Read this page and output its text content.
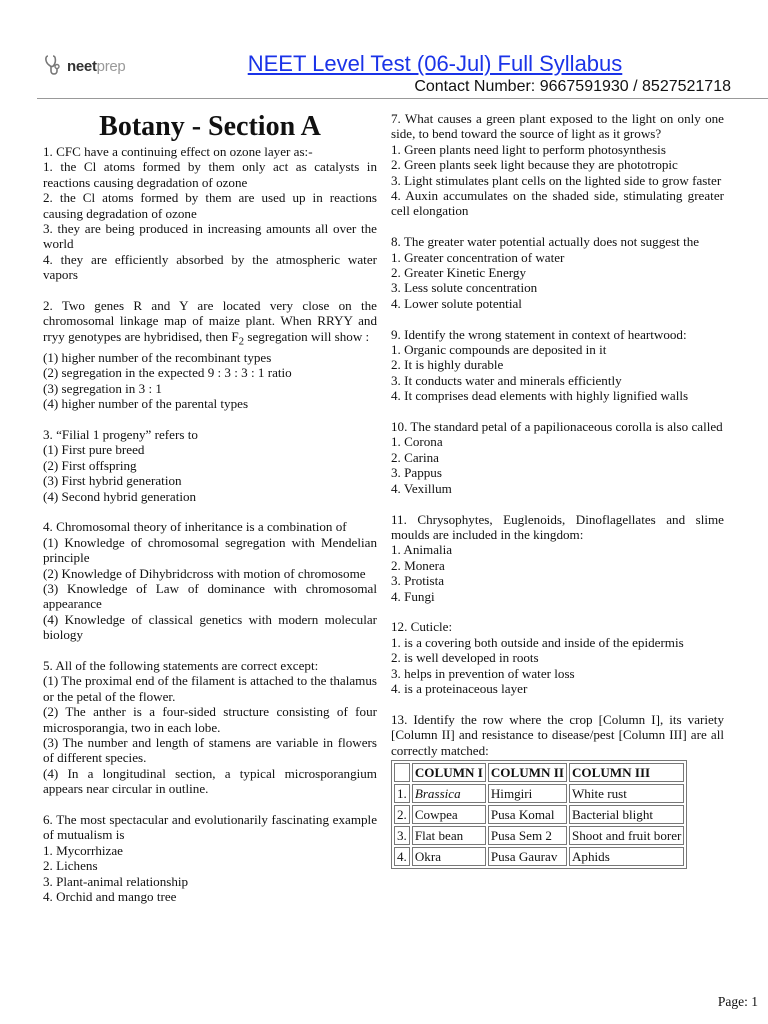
neetprep	NEET Level Test (06-Jul) Full Syllabus
Contact Number: 9667591930 / 8527521718
Botany - Section A

1. CFC have a continuing effect on ozone layer as:-

1. the Cl atoms formed by them only act as catalysts in reactions causing degradation of ozone

2. the Cl atoms formed by them are used up in reactions causing degradation of ozone

3. they are being produced in increasing amounts all over the world

4. they are efficiently absorbed by the atmospheric water vapors

2. Two genes R and Y are located very close on the chromosomal linkage map of maize plant. When RRYY and rryy genotypes are hybridised, then $F_2$ segregation will show :

(1) higher number of the recombinant types

(2) segregation in the expected 9 : 3 : 3 : 1 ratio

(3) segregation in 3 : 1

(4) higher number of the parental types

3. “Filial 1 progeny” refers to

(1) First pure breed

(2) First offspring

(3) First hybrid generation

(4) Second hybrid generation

4. Chromosomal theory of inheritance is a combination of

(1) Knowledge of chromosomal segregation with Mendelian principle

(2) Knowledge of Dihybridcross with motion of chromosome

(3) Knowledge of Law of dominance with chromosomal appearance

(4) Knowledge of classical genetics with modern molecular biology

5. All of the following statements are correct except:

(1) The proximal end of the filament is attached to the thalamus or the petal of the flower.

(2) The anther is a four-sided structure consisting of four microsporangia, two in each lobe.

(3) The number and length of stamens are variable in flowers of different species.

(4) In a longitudinal section, a typical microsporangium appears near circular in outline.

6. The most spectacular and evolutionarily fascinating example of mutualism is

1. Mycorrhizae

2. Lichens

3. Plant-animal relationship

4. Orchid and mango tree

7. What causes a green plant exposed to the light on only one side, to bend toward the source of light as it grows?

1. Green plants need light to perform photosynthesis

2. Green plants seek light because they are phototropic

3. Light stimulates plant cells on the lighted side to grow faster

4. Auxin accumulates on the shaded side, stimulating greater cell elongation

8. The greater water potential actually does not suggest the

1. Greater concentration of water

2. Greater Kinetic Energy

3. Less solute concentration

4. Lower solute potential

9. Identify the wrong statement in context of heartwood:

1. Organic compounds are deposited in it

2. It is highly durable

3. It conducts water and minerals efficiently

4. It comprises dead elements with highly lignified walls

10. The standard petal of a papilionaceous corolla is also called

1. Corona

2. Carina

3. Pappus

4. Vexillum

11. Chrysophytes, Euglenoids, Dinoflagellates and slime moulds are included in the kingdom:

1. Animalia

2. Monera

3. Protista

4. Fungi

12. Cuticle:

1. is a covering both outside and inside of the epidermis

2. is well developed in roots

3. helps in prevention of water loss

4. is a proteinaceous layer

13. Identify the row where the crop [Column I], its variety [Column II] and resistance to disease/pest [Column III] are all correctly matched:

	COLUMN I	COLUMN II	COLUMN III
1.	Brassica	Himgiri	White rust
2.	Cowpea	Pusa Komal	Bacterial blight
3.	Flat bean	Pusa Sem 2	Shoot and fruit borer
4.	Okra	Pusa Gaurav	Aphids
Page: 1
